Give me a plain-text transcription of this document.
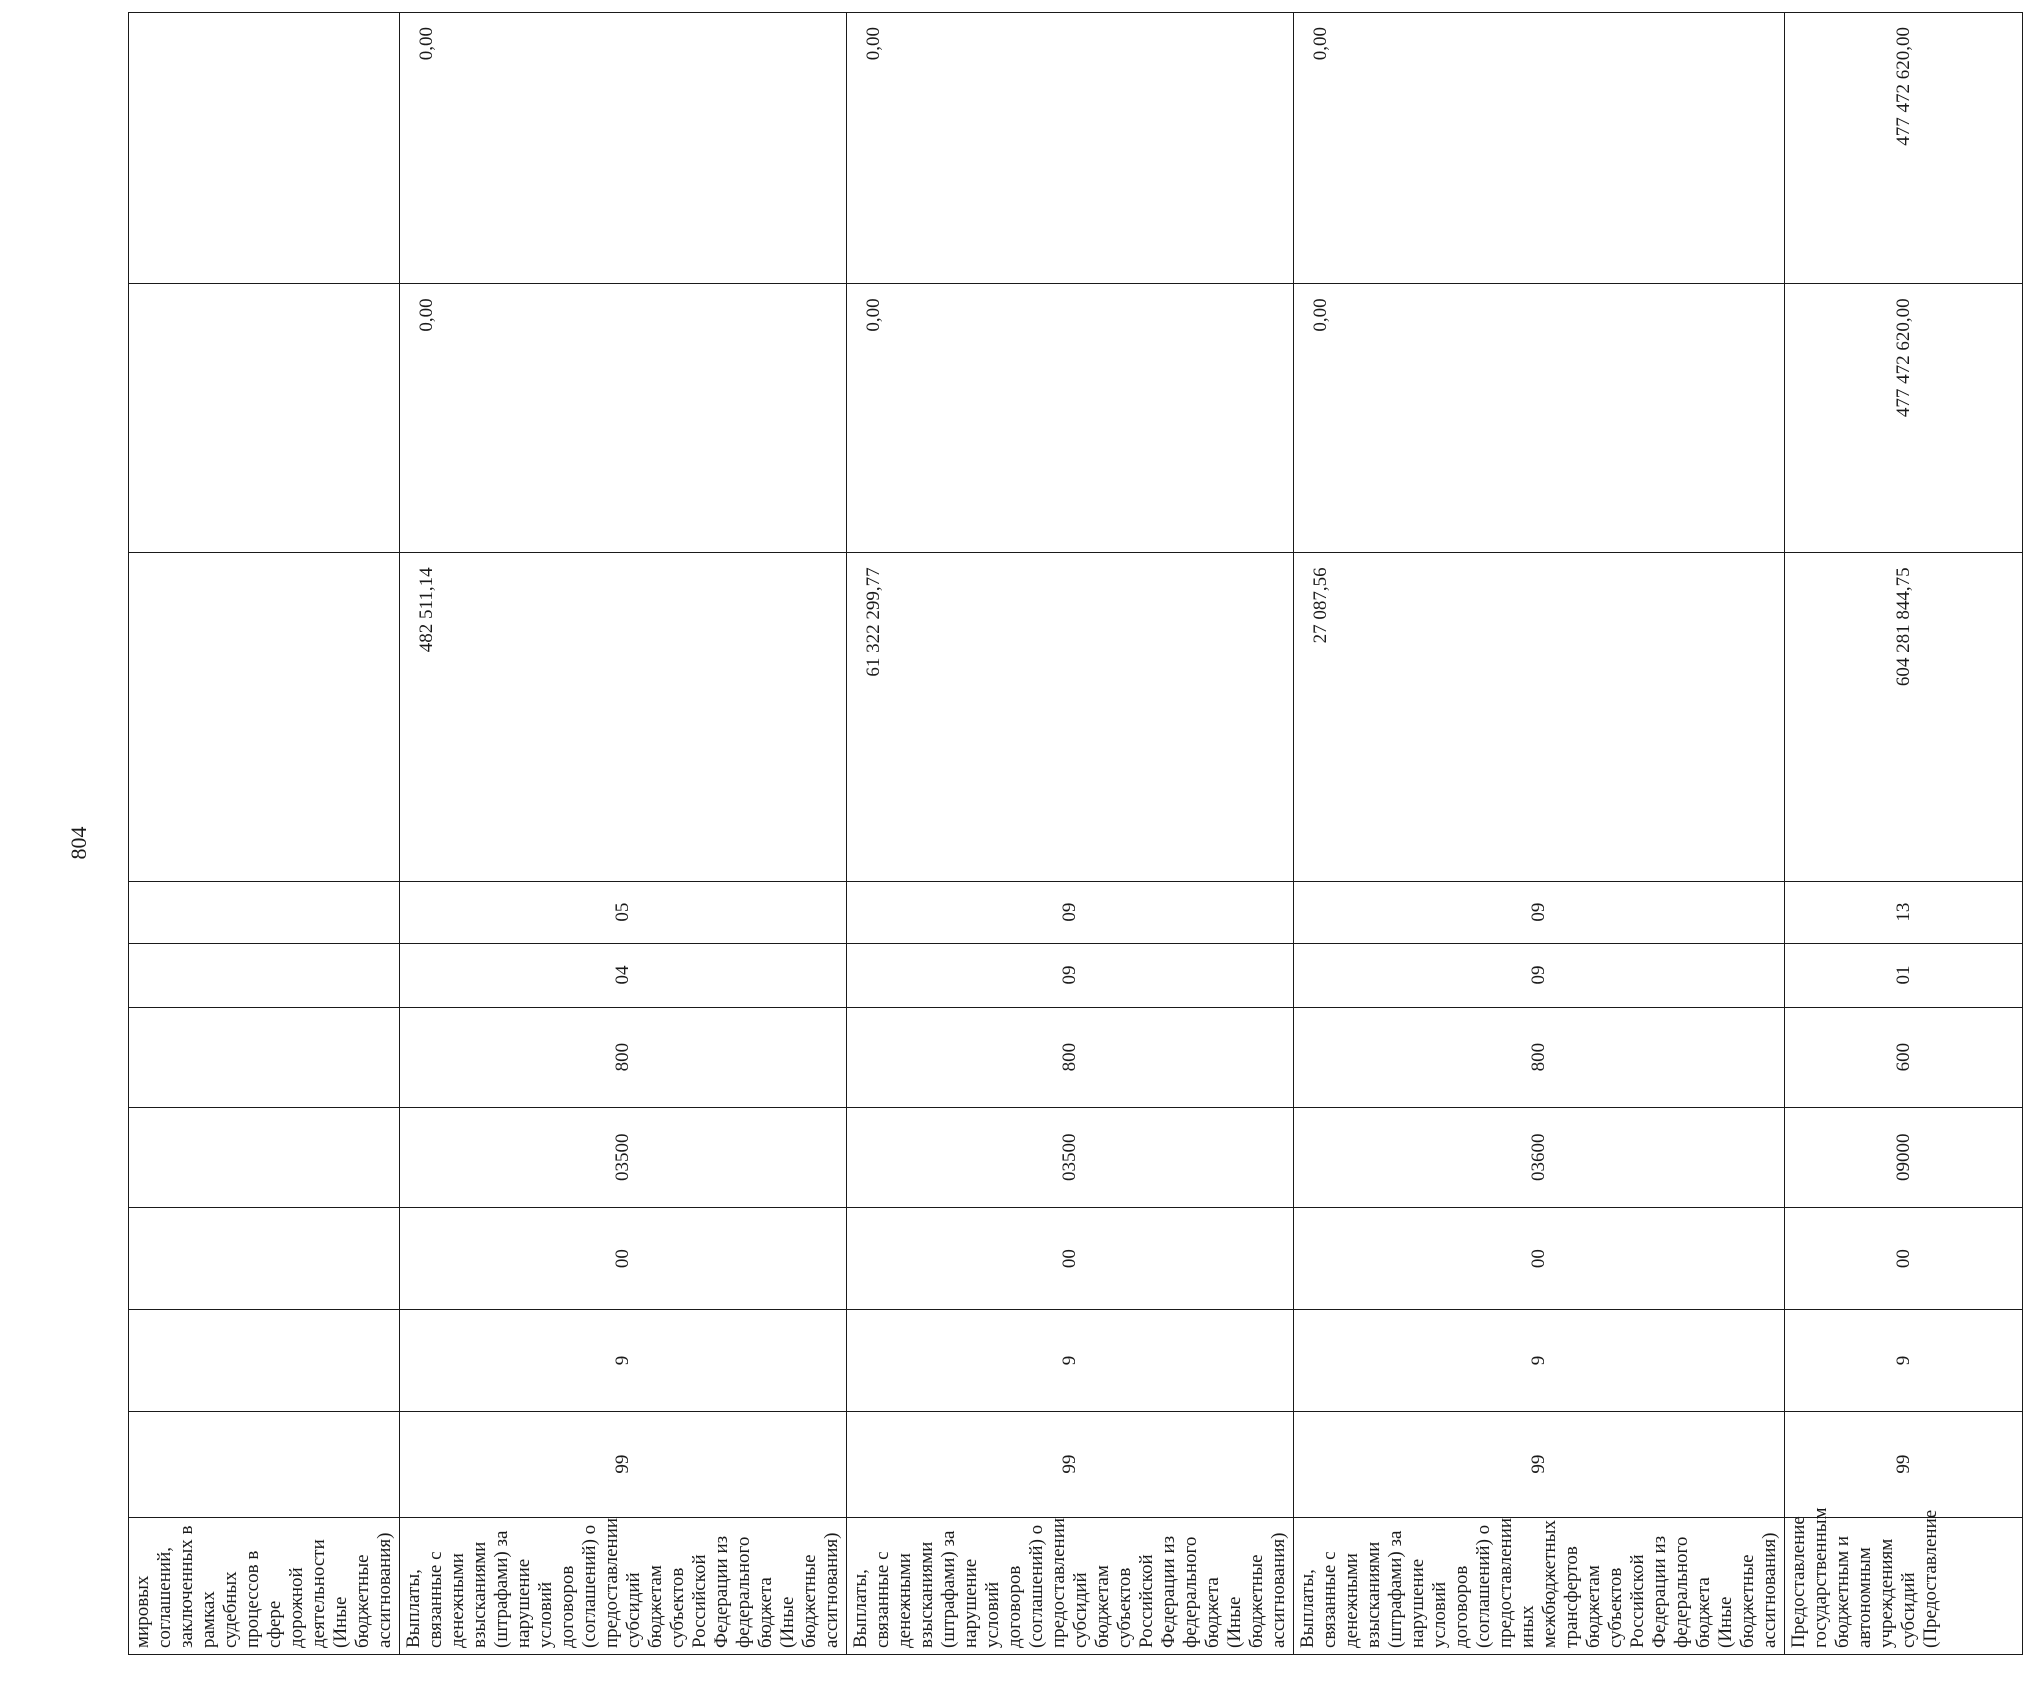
804
мировых соглашений, заключенных в рамках судебных процессов в сфере дорожной деятельности (Иные бюджетные ассигнования)										
Выплаты, связанные с денежными взысканиями (штрафами) за нарушение условий договоров (соглашений) о предоставлении субсидий бюджетам субъектов Российской Федерации из федерального бюджета (Иные бюджетные ассигнования)	99	9	00	03500	800	04	05	482 511,14	0,00	0,00
Выплаты, связанные с денежными взысканиями (штрафами) за нарушение условий договоров (соглашений) о предоставлении субсидий бюджетам субъектов Российской Федерации из федерального бюджета (Иные бюджетные ассигнования)	99	9	00	03500	800	09	09	61 322 299,77	0,00	0,00
Выплаты, связанные с денежными взысканиями (штрафами) за нарушение условий договоров (соглашений) о предоставлении иных межбюджетных трансфертов бюджетам субъектов Российской Федерации из федерального бюджета (Иные бюджетные ассигнования)	99	9	00	03600	800	09	09	27 087,56	0,00	0,00
Предоставление государственным бюджетным и автономным учреждениям субсидий (Предоставление	99	9	00	09000	600	01	13	604 281 844,75	477 472 620,00	477 472 620,00
